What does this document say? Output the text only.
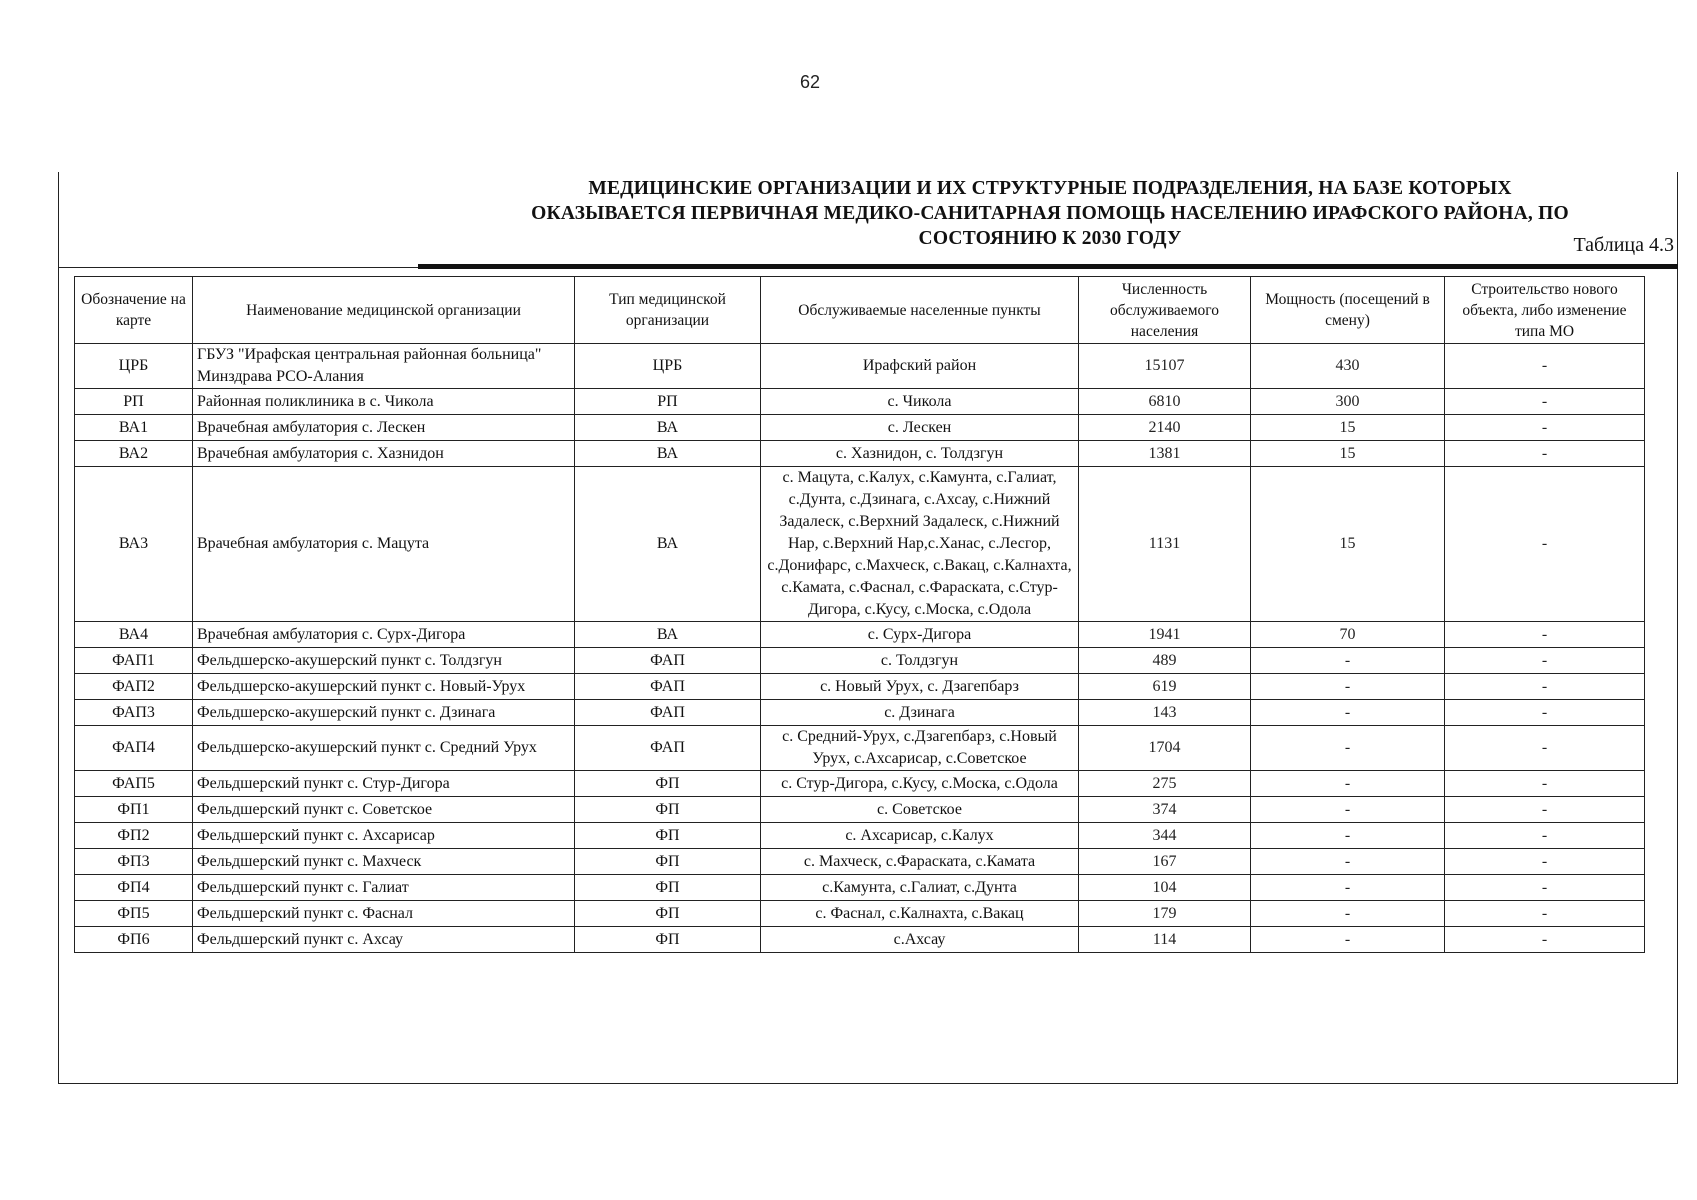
62
МЕДИЦИНСКИЕ ОРГАНИЗАЦИИ И ИХ СТРУКТУРНЫЕ ПОДРАЗДЕЛЕНИЯ, НА БАЗЕ КОТОРЫХ
ОКАЗЫВАЕТСЯ ПЕРВИЧНАЯ МЕДИКО-САНИТАРНАЯ ПОМОЩЬ НАСЕЛЕНИЮ ИРАФСКОГО РАЙОНА, ПО
СОСТОЯНИЮ К 2030 ГОДУ	Таблица 4.3
Обозначение на карте	Наименование медицинской организации	Тип медицинской организации	Обслуживаемые населенные пункты	Численность обслуживаемого населения	Мощность (посещений в смену)	Строительство нового объекта, либо изменение типа МО
ЦРБ	ГБУЗ "Ирафская центральная районная больница" Минздрава РСО-Алания	ЦРБ	Ирафский район	15107	430	-
РП	Районная поликлиника в с. Чикола	РП	с. Чикола	6810	300	-
ВА1	Врачебная амбулатория с. Лескен	ВА	с. Лескен	2140	15	-
ВА2	Врачебная амбулатория с. Хазнидон	ВА	с. Хазнидон, с. Толдзгун	1381	15	-
ВА3	Врачебная амбулатория с. Мацута	ВА	с. Мацута, с.Калух, с.Камунта, с.Галиат, с.Дунта, с.Дзинага, с.Ахсау, с.Нижний Задалеск, с.Верхний Задалеск, с.Нижний Нар, с.Верхний Нар,с.Ханас, с.Лесгор, с.Донифарс, с.Махческ, с.Вакац, с.Калнахта, с.Камата, с.Фаснал, с.Фараската, с.Стур-Дигора, с.Кусу, с.Моска, с.Одола	1131	15	-
ВА4	Врачебная амбулатория с. Сурх-Дигора	ВА	с. Сурх-Дигора	1941	70	-
ФАП1	Фельдшерско-акушерский пункт с. Толдзгун	ФАП	с. Толдзгун	489	-	-
ФАП2	Фельдшерско-акушерский пункт с. Новый-Урух	ФАП	с. Новый Урух, с. Дзагепбарз	619	-	-
ФАП3	Фельдшерско-акушерский пункт с. Дзинага	ФАП	с. Дзинага	143	-	-
ФАП4	Фельдшерско-акушерский пункт с. Средний Урух	ФАП	с. Средний-Урух, с.Дзагепбарз, с.Новый Урух, с.Ахсарисар, с.Советское	1704	-	-
ФАП5	Фельдшерский пункт с. Стур-Дигора	ФП	с. Стур-Дигора, с.Кусу, с.Моска, с.Одола	275	-	-
ФП1	Фельдшерский пункт с. Советское	ФП	с. Советское	374	-	-
ФП2	Фельдшерский пункт с. Ахсарисар	ФП	с. Ахсарисар, с.Калух	344	-	-
ФП3	Фельдшерский пункт с. Махческ	ФП	с. Махческ, с.Фараската, с.Камата	167	-	-
ФП4	Фельдшерский пункт с. Галиат	ФП	с.Камунта, с.Галиат, с.Дунта	104	-	-
ФП5	Фельдшерский пункт с. Фаснал	ФП	с. Фаснал, с.Калнахта, с.Вакац	179	-	-
ФП6	Фельдшерский пункт с. Ахсау	ФП	с.Ахсау	114	-	-
